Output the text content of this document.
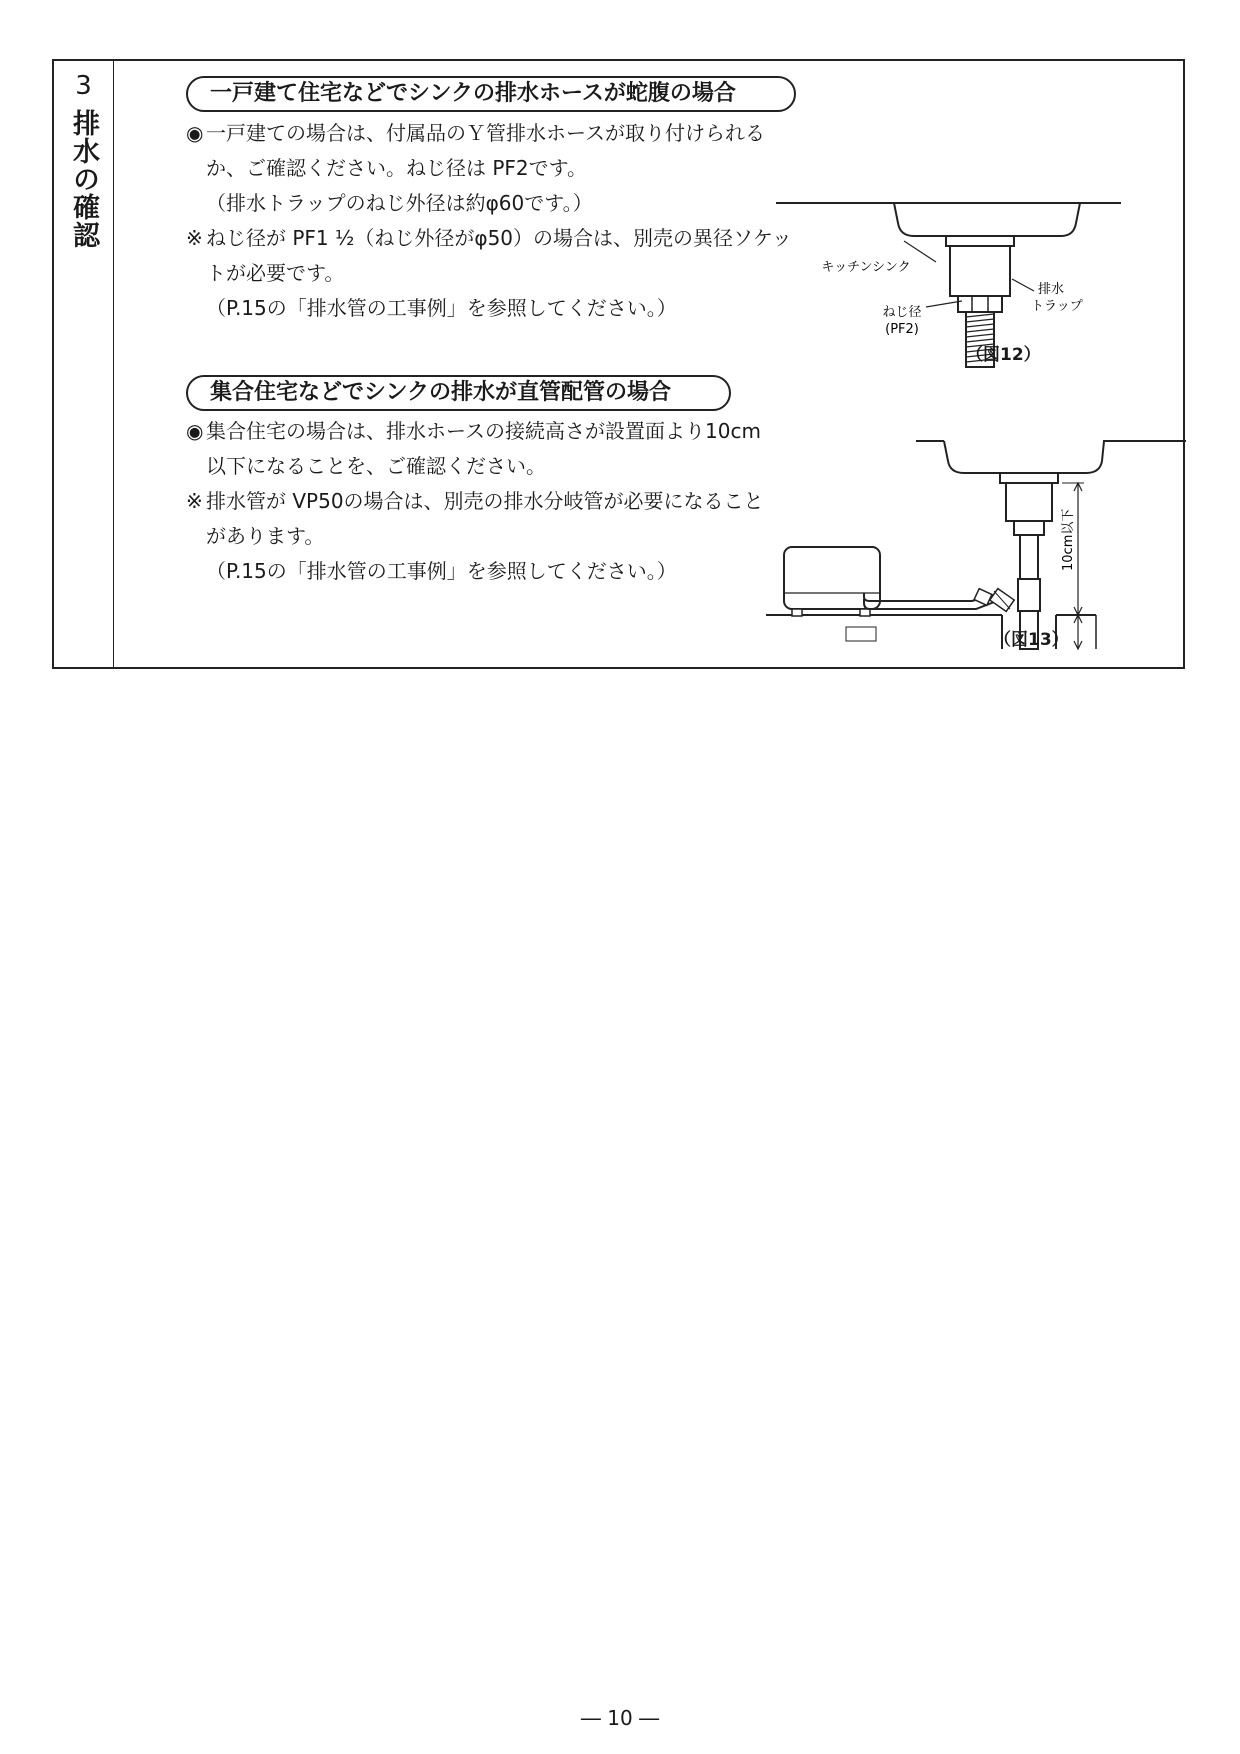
3
排水の確認
一戸建て住宅などでシンクの排水ホースが蛇腹の場合

◉ 一戸建ての場合は、付属品のＹ管排水ホースが取り付けられる

か、ご確認ください。ねじ径は PF2です。

（排水トラップのねじ外径は約φ60です。）

※ ねじ径が PF1 ½（ねじ外径がφ50）の場合は、別売の異径ソケッ

トが必要です。

（P.15の「排水管の工事例」を参照してください。）

集合住宅などでシンクの排水が直管配管の場合

◉ 集合住宅の場合は、排水ホースの接続高さが設置面より10cm

以下になることを、ご確認ください。

※ 排水管が VP50の場合は、別売の排水分岐管が必要になること

があります。

（P.15の「排水管の工事例」を参照してください。）

キッチンシンク
排水
トラップ
ねじ径
(PF2)
（図12）
10cm以下
（図13）
― 10 ―
